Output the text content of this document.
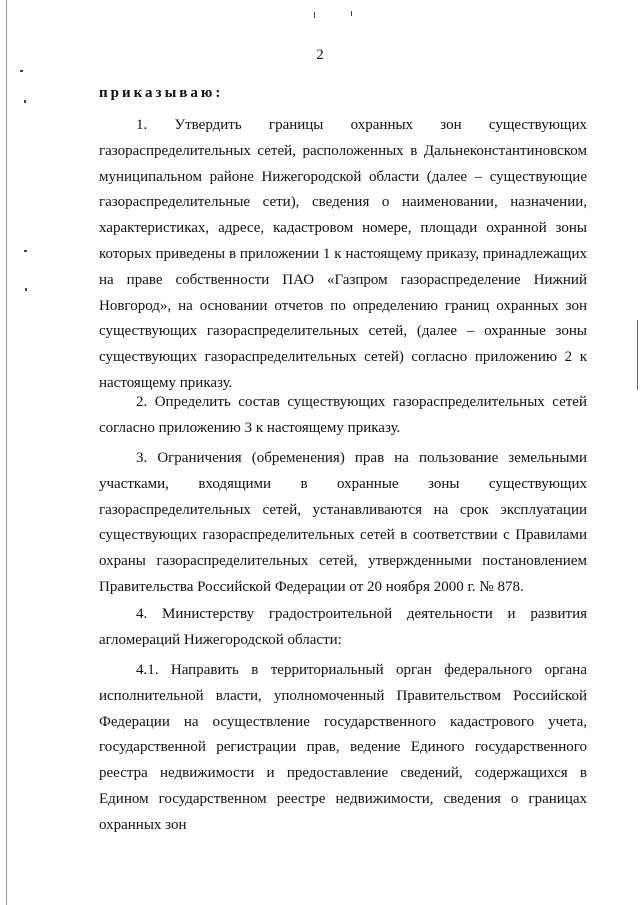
2
приказываю:
1. Утвердить границы охранных зон существующих газораспределительных сетей, расположенных в Дальнеконстантиновском муниципальном районе Нижегородской области (далее – существующие газораспределительные сети), сведения о наименовании, назначении, характеристиках, адресе, кадастровом номере, площади охранной зоны которых приведены в приложении 1 к настоящему приказу, принадлежащих на праве собственности ПАО «Газпром газораспределение Нижний Новгород», на основании отчетов по определению границ охранных зон существующих газораспределительных сетей, (далее – охранные зоны существующих газораспределительных сетей) согласно приложению 2 к настоящему приказу.
2. Определить состав существующих газораспределительных сетей согласно приложению 3 к настоящему приказу.
3. Ограничения (обременения) прав на пользование земельными участками, входящими в охранные зоны существующих газораспределительных сетей, устанавливаются на срок эксплуатации существующих газораспределительных сетей в соответствии с Правилами охраны газораспределительных сетей, утвержденными постановлением Правительства Российской Федерации от 20 ноября 2000 г. № 878.
4. Министерству градостроительной деятельности и развития агломераций Нижегородской области:
4.1. Направить в территориальный орган федерального органа исполнительной власти, уполномоченный Правительством Российской Федерации на осуществление государственного кадастрового учета, государственной регистрации прав, ведение Единого государственного реестра недвижимости и предоставление сведений, содержащихся в Едином государственном реестре недвижимости, сведения о границах охранных зон
